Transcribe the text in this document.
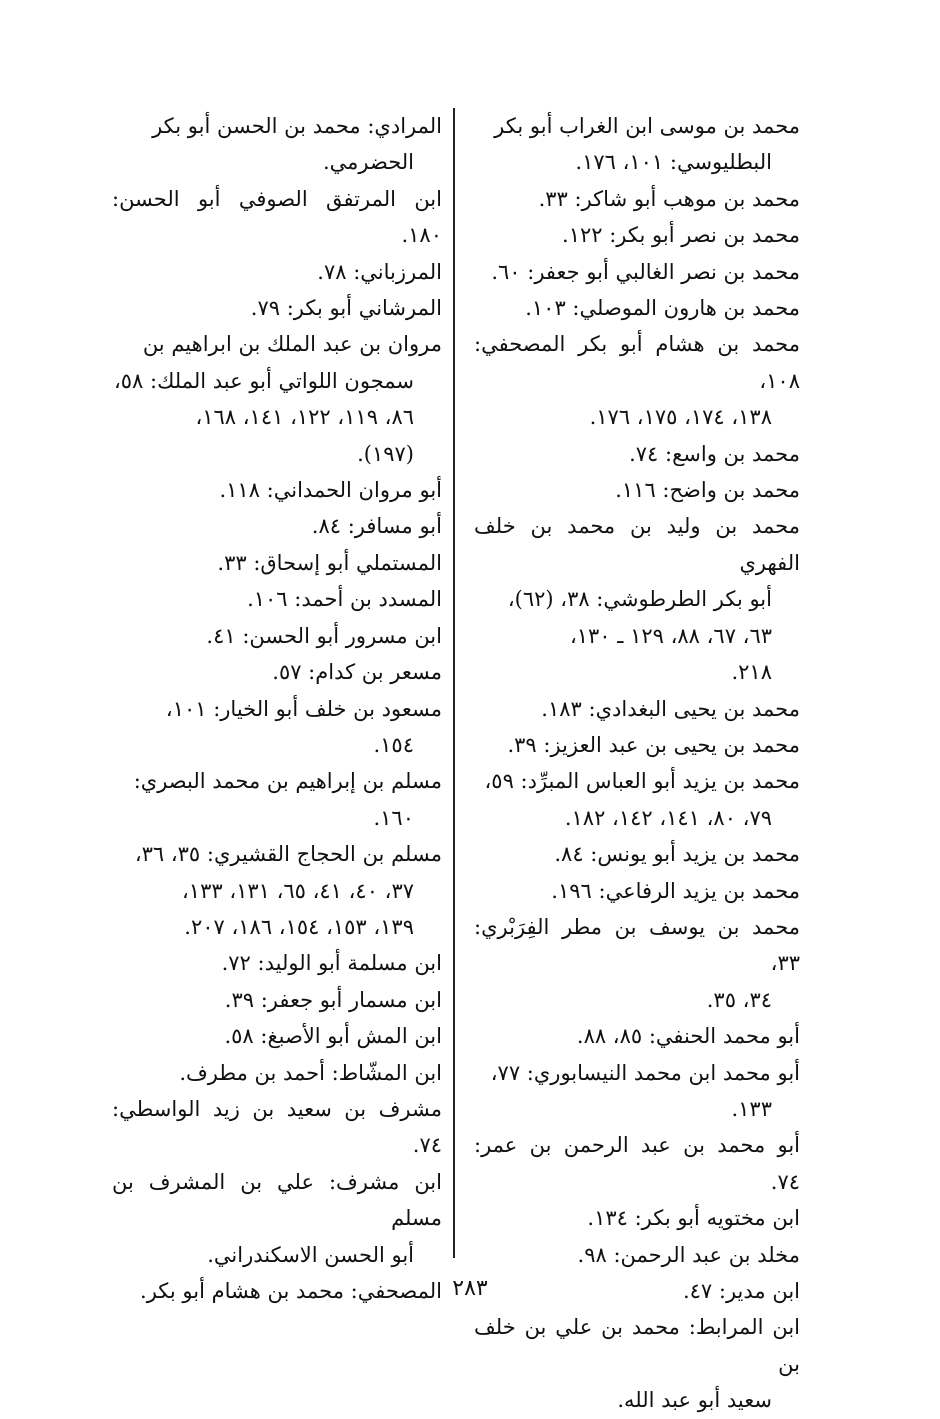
محمد بن موسى ابن الغراب أبو بكر
البطليوسي: ١٠١، ١٧٦.

محمد بن موهب أبو شاكر: ٣٣.

محمد بن نصر أبو بكر: ١٢٢.

محمد بن نصر الغالبي أبو جعفر: ٦٠.

محمد بن هارون الموصلي: ١٠٣.

محمد بن هشام أبو بكر المصحفي: ١٠٨،
١٣٨، ١٧٤، ١٧٥، ١٧٦.

محمد بن واسع: ٧٤.

محمد بن واضح: ١١٦.

محمد بن وليد بن محمد بن خلف الفهري
أبو بكر الطرطوشي: ٣٨، (٦٢)،
٦٣، ٦٧، ٨٨، ١٢٩ ـ ١٣٠،
٢١٨.

محمد بن يحيى البغدادي: ١٨٣.

محمد بن يحيى بن عبد العزيز: ٣٩.

محمد بن يزيد أبو العباس المبرِّد: ٥٩،
٧٩، ٨٠، ١٤١، ١٤٢، ١٨٢.

محمد بن يزيد أبو يونس: ٨٤.

محمد بن يزيد الرفاعي: ١٩٦.

محمد بن يوسف بن مطر الفِرَبْري: ٣٣،
٣٤، ٣٥.

أبو محمد الحنفي: ٨٥، ٨٨.

أبو محمد ابن محمد النيسابوري: ٧٧،
١٣٣.

أبو محمد بن عبد الرحمن بن عمر: ٧٤.

ابن مختويه أبو بكر: ١٣٤.

مخلد بن عبد الرحمن: ٩٨.

ابن مدير: ٤٧.

ابن المرابط: محمد بن علي بن خلف بن
سعيد أبو عبد الله.

المرادي: محمد بن الحسن أبو بكر
الحضرمي.

ابن المرتفق الصوفي أبو الحسن: ١٨٠.

المرزباني: ٧٨.

المرشاني أبو بكر: ٧٩.

مروان بن عبد الملك بن ابراهيم بن
سمجون اللواتي أبو عبد الملك: ٥٨،
٨٦، ١١٩، ١٢٢، ١٤١، ١٦٨،
(١٩٧).

أبو مروان الحمداني: ١١٨.

أبو مسافر: ٨٤.

المستملي أبو إسحاق: ٣٣.

المسدد بن أحمد: ١٠٦.

ابن مسرور أبو الحسن: ٤١.

مسعر بن كدام: ٥٧.

مسعود بن خلف أبو الخيار: ١٠١،
١٥٤.

مسلم بن إبراهيم بن محمد البصري:
١٦٠.

مسلم بن الحجاج القشيري: ٣٥، ٣٦،
٣٧، ٤٠، ٤١، ٦٥، ١٣١، ١٣٣،
١٣٩، ١٥٣، ١٥٤، ١٨٦، ٢٠٧.

ابن مسلمة أبو الوليد: ٧٢.

ابن مسمار أبو جعفر: ٣٩.

ابن المش أبو الأصبغ: ٥٨.

ابن المشّاط: أحمد بن مطرف.

مشرف بن سعيد بن زيد الواسطي: ٧٤.

ابن مشرف: علي بن المشرف بن مسلم
أبو الحسن الاسكندراني.

المصحفي: محمد بن هشام أبو بكر. ٢٨٣
